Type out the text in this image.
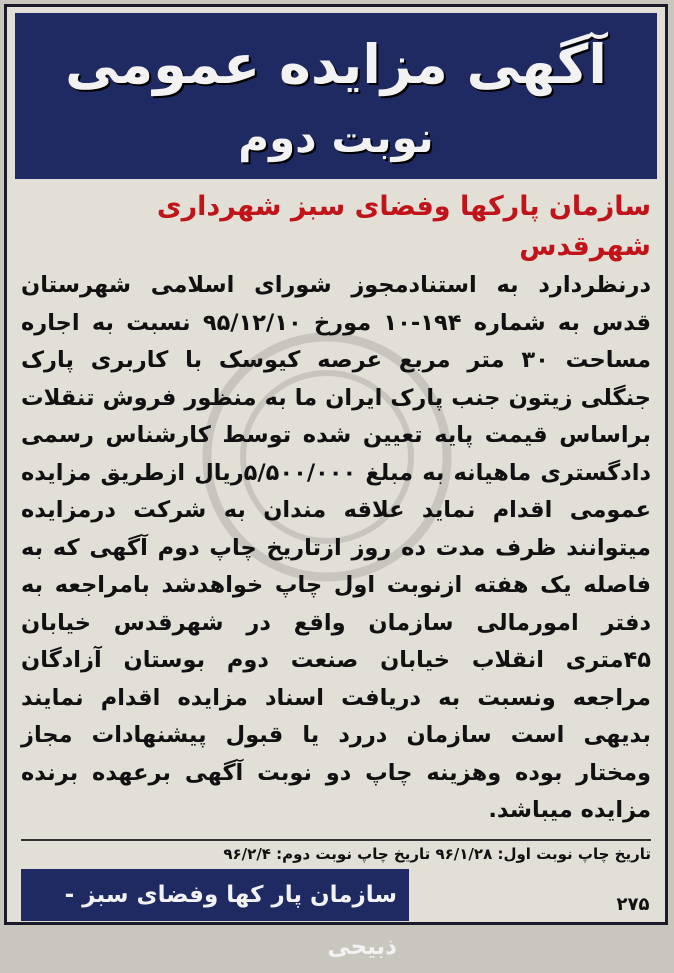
آگهی مزایده عمومی
نوبت دوم

سازمان پارکها وفضای سبز شهرداری شهرقدس

درنظردارد به استنادمجوز شورای اسلامی شهرستان قدس به شماره ۱۹۴-۱۰ مورخ ۹۵/۱۲/۱۰ نسبت به اجاره مساحت ۳۰ متر مربع عرصه کیوسک با کاربری پارک جنگلی زیتون جنب پارک ایران ما به منظور فروش تنقلات براساس قیمت پایه تعیین شده توسط کارشناس رسمی دادگستری ماهیانه به مبلغ ۵/۵۰۰/۰۰۰ریال ازطریق مزایده عمومی اقدام نماید علاقه مندان به شرکت درمزایده میتوانند ظرف مدت ده روز ازتاریخ چاپ دوم آگهی که به فاصله یک هفته ازنوبت اول چاپ خواهدشد بامراجعه به دفتر امورمالی سازمان واقع در شهرقدس خیابان ۴۵متری انقلاب خیابان صنعت دوم بوستان آزادگان مراجعه ونسبت به دریافت اسناد مزایده اقدام نمایند بدیهی است سازمان دررد یا قبول پیشنهادات مجاز ومختار بوده وهزینه چاپ دو نوبت آگهی برعهده برنده مزایده میباشد.

تاریخ چاپ نوبت اول: ۹۶/۱/۲۸ تاریخ چاپ نوبت دوم: ۹۶/۲/۴
سازمان پار کها وفضای سبز - ذبیحی
۲۷۵
